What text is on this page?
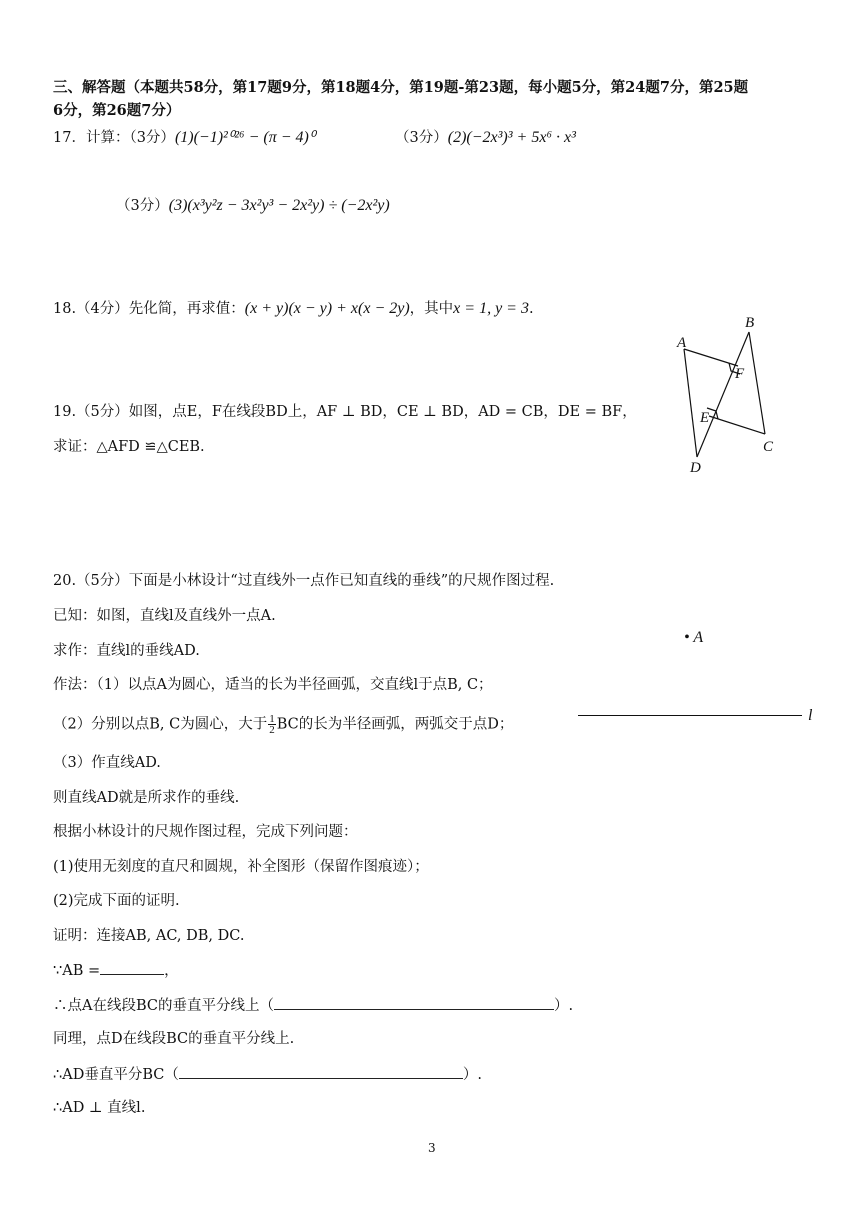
三、解答题（本题共58分，第17题9分，第18题4分，第19题-第23题，每小题5分，第24题7分，第25题
6分，第26题7分）
17．计算：（3分）(1)(−1)²⁰²⁶ − (π − 4)⁰	（3分）(2)(−2x³)³ + 5x⁶ · x³
（3分）(3)(x³y²z − 3x²y³ − 2x²y) ÷ (−2x²y)
18.（4分）先化简，再求值：(x + y)(x − y) + x(x − 2y)，其中x = 1, y = 3.
19.（5分）如图，点E，F在线段BD上，AF ⊥ BD，CE ⊥ BD，AD = CB，DE = BF，
求证：△AFD ≌△CEB.
A
B
C
D
E
F
20.（5分）下面是小林设计“过直线外一点作已知直线的垂线”的尺规作图过程.
已知：如图，直线l及直线外一点A.
求作：直线l的垂线AD.
作法：（1）以点A为圆心，适当的长为半径画弧，交直线l于点B, C；
（2）分别以点B, C为圆心，大于 $\frac{1}{2}$ BC的长为半径画弧，两弧交于点D；
（3）作直线AD.
则直线AD就是所求作的垂线.
根据小林设计的尺规作图过程，完成下列问题：
(1)使用无刻度的直尺和圆规，补全图形（保留作图痕迹）；
(2)完成下面的证明.
证明：连接AB, AC, DB, DC.
∵AB =	，
∴点A在线段BC的垂直平分线上（	）.
同理，点D在线段BC的垂直平分线上.
∴AD垂直平分BC（	）.
∴AD ⊥ 直线l.
• A
l
3
